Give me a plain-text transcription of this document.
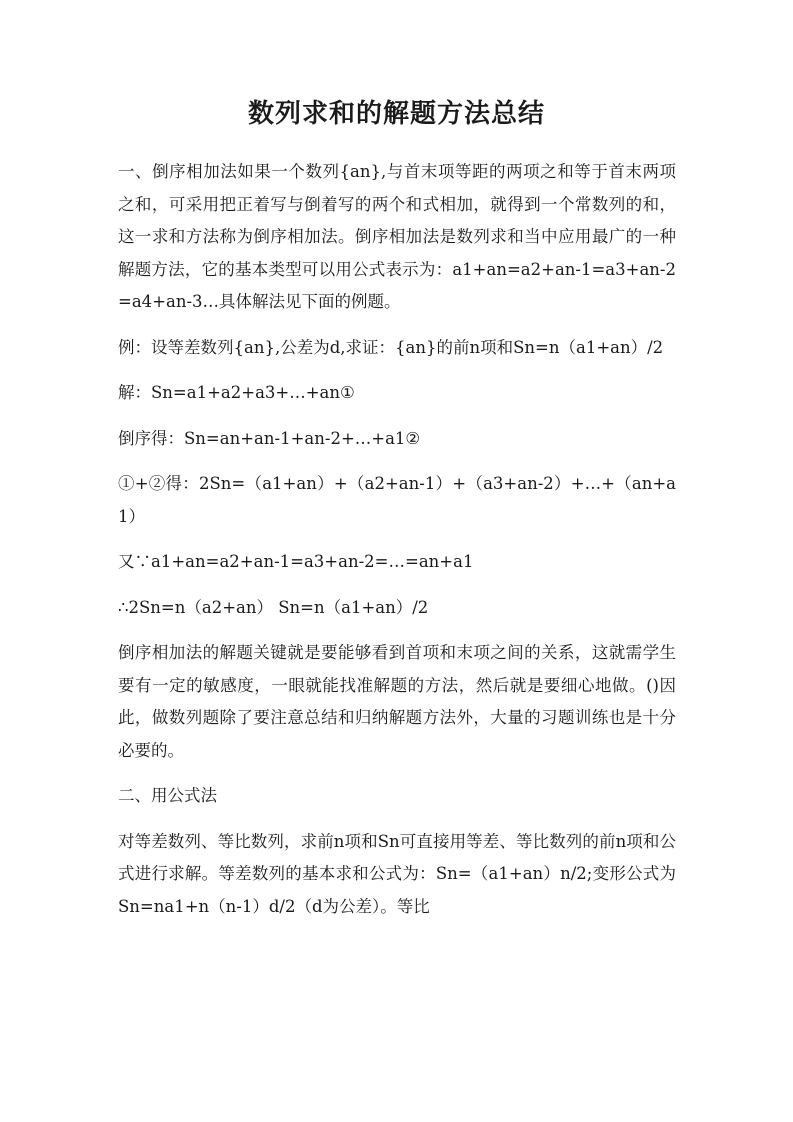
数列求和的解题方法总结

一、倒序相加法如果一个数列{an},与首末项等距的两项之和等于首末两项之和，可采用把正着写与倒着写的两个和式相加，就得到一个常数列的和，这一求和方法称为倒序相加法。倒序相加法是数列求和当中应用最广的一种解题方法，它的基本类型可以用公式表示为：a1+an=a2+an-1=a3+an-2=a4+an-3…具体解法见下面的例题。

例：设等差数列{an},公差为d,求证：{an}的前n项和Sn=n（a1+an）/2

解：Sn=a1+a2+a3+…+an①

倒序得：Sn=an+an-1+an-2+…+a1②

①+②得：2Sn=（a1+an）+（a2+an-1）+（a3+an-2）+…+（an+a1）

又∵a1+an=a2+an-1=a3+an-2=…=an+a1

∴2Sn=n（a2+an） Sn=n（a1+an）/2

倒序相加法的解题关键就是要能够看到首项和末项之间的关系，这就需学生要有一定的敏感度，一眼就能找准解题的方法，然后就是要细心地做。()因此，做数列题除了要注意总结和归纳解题方法外，大量的习题训练也是十分必要的。

二、用公式法

对等差数列、等比数列，求前n项和Sn可直接用等差、等比数列的前n项和公式进行求解。等差数列的基本求和公式为：Sn=（a1+an）n/2;变形公式为Sn=na1+n（n-1）d/2（d为公差）。等比
